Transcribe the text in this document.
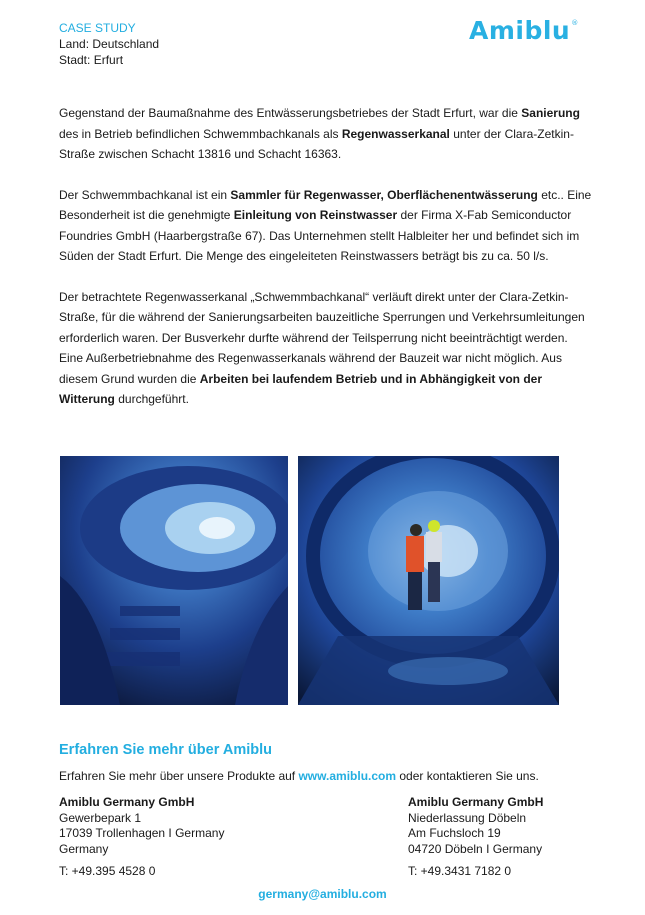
CASE STUDY
Land: Deutschland
Stadt: Erfurt
Amiblu®

Gegenstand der Baumaßnahme des Entwässerungsbetriebes der Stadt Erfurt, war die Sanierung des in Betrieb befindlichen Schwemmbachkanals als Regenwasserkanal unter der Clara-Zetkin-Straße zwischen Schacht 13816 und Schacht 16363.

Der Schwemmbachkanal ist ein Sammler für Regenwasser, Oberflächenentwässerung etc.. Eine Besonderheit ist die genehmigte Einleitung von Reinstwasser der Firma X-Fab Semiconductor Foundries GmbH (Haarbergstraße 67). Das Unternehmen stellt Halbleiter her und befindet sich im Süden der Stadt Erfurt. Die Menge des eingeleiteten Reinstwassers beträgt bis zu ca. 50 l/s.

Der betrachtete Regenwasserkanal „Schwemmbachkanal“ verläuft direkt unter der Clara-Zetkin-Straße, für die während der Sanierungsarbeiten bauzeitliche Sperrungen und Verkehrsumleitungen erforderlich waren. Der Busverkehr durfte während der Teilsperrung nicht beeinträchtigt werden. Eine Außerbetriebnahme des Regenwasserkanals während der Bauzeit war nicht möglich. Aus diesem Grund wurden die Arbeiten bei laufendem Betrieb und in Abhängigkeit von der Witterung durchgeführt.

Erfahren Sie mehr über Amiblu
Erfahren Sie mehr über unsere Produkte auf www.amiblu.com oder kontaktieren Sie uns.
Amiblu Germany GmbH
Gewerbepark 1
17039 Trollenhagen I Germany
Germany
T: +49.395 4528 0
Amiblu Germany GmbH
Niederlassung Döbeln
Am Fuchsloch 19
04720 Döbeln I Germany
T: +49.3431 7182 0
germany@amiblu.com
